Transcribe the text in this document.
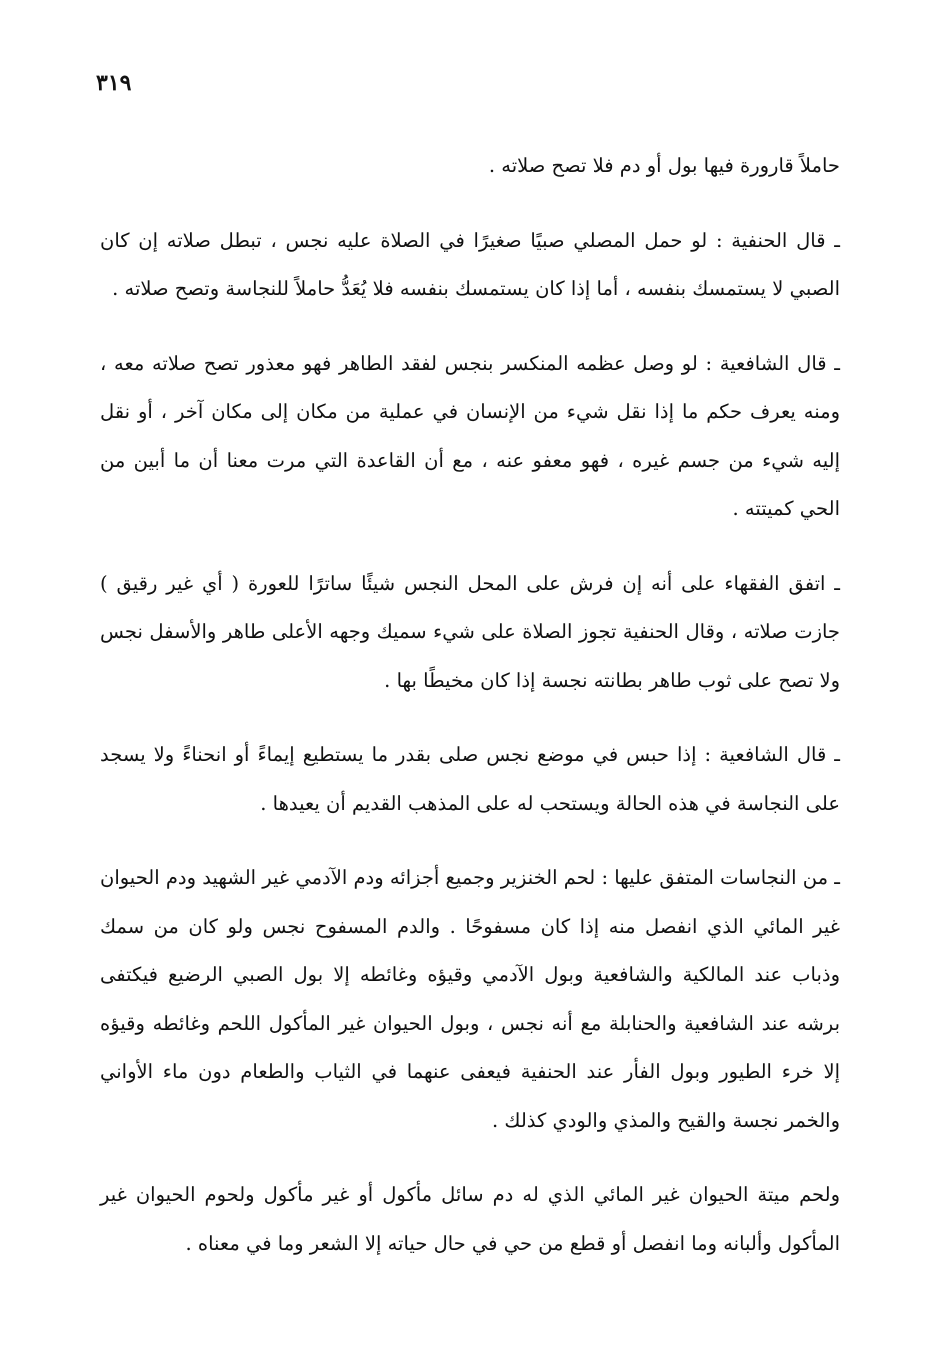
٣١٩

حاملاً قارورة فيها بول أو دم فلا تصح صلاته .

ـ قال الحنفية : لو حمل المصلي صبيًا صغيرًا في الصلاة عليه نجس ، تبطل صلاته إن كان الصبي لا يستمسك بنفسه ، أما إذا كان يستمسك بنفسه فلا يُعَدُّ حاملاً للنجاسة وتصح صلاته .

ـ قال الشافعية : لو وصل عظمه المنكسر بنجس لفقد الطاهر فهو معذور تصح صلاته معه ، ومنه يعرف حكم ما إذا نقل شيء من الإنسان في عملية من مكان إلى مكان آخر ، أو نقل إليه شيء من جسم غيره ، فهو معفو عنه ، مع أن القاعدة التي مرت معنا أن ما أبين من الحي كميتته .

ـ اتفق الفقهاء على أنه إن فرش على المحل النجس شيئًا ساترًا للعورة ( أي غير رقيق ) جازت صلاته ، وقال الحنفية تجوز الصلاة على شيء سميك وجهه الأعلى طاهر والأسفل نجس ولا تصح على ثوب طاهر بطانته نجسة إذا كان مخيطًا بها .

ـ قال الشافعية : إذا حبس في موضع نجس صلى بقدر ما يستطيع إيماءً أو انحناءً ولا يسجد على النجاسة في هذه الحالة ويستحب له على المذهب القديم أن يعيدها .

ـ من النجاسات المتفق عليها : لحم الخنزير وجميع أجزائه ودم الآدمي غير الشهيد ودم الحيوان غير المائي الذي انفصل منه إذا كان مسفوحًا . والدم المسفوح نجس ولو كان من سمك وذباب عند المالكية والشافعية وبول الآدمي وقيؤه وغائطه إلا بول الصبي الرضيع فيكتفى برشه عند الشافعية والحنابلة مع أنه نجس ، وبول الحيوان غير المأكول اللحم وغائطه وقيؤه إلا خرء الطيور وبول الفأر عند الحنفية فيعفى عنهما في الثياب والطعام دون ماء الأواني والخمر نجسة والقيح والمذي والودي كذلك .

ولحم ميتة الحيوان غير المائي الذي له دم سائل مأكول أو غير مأكول ولحوم الحيوان غير المأكول وألبانه وما انفصل أو قطع من حي في حال حياته إلا الشعر وما في معناه .
